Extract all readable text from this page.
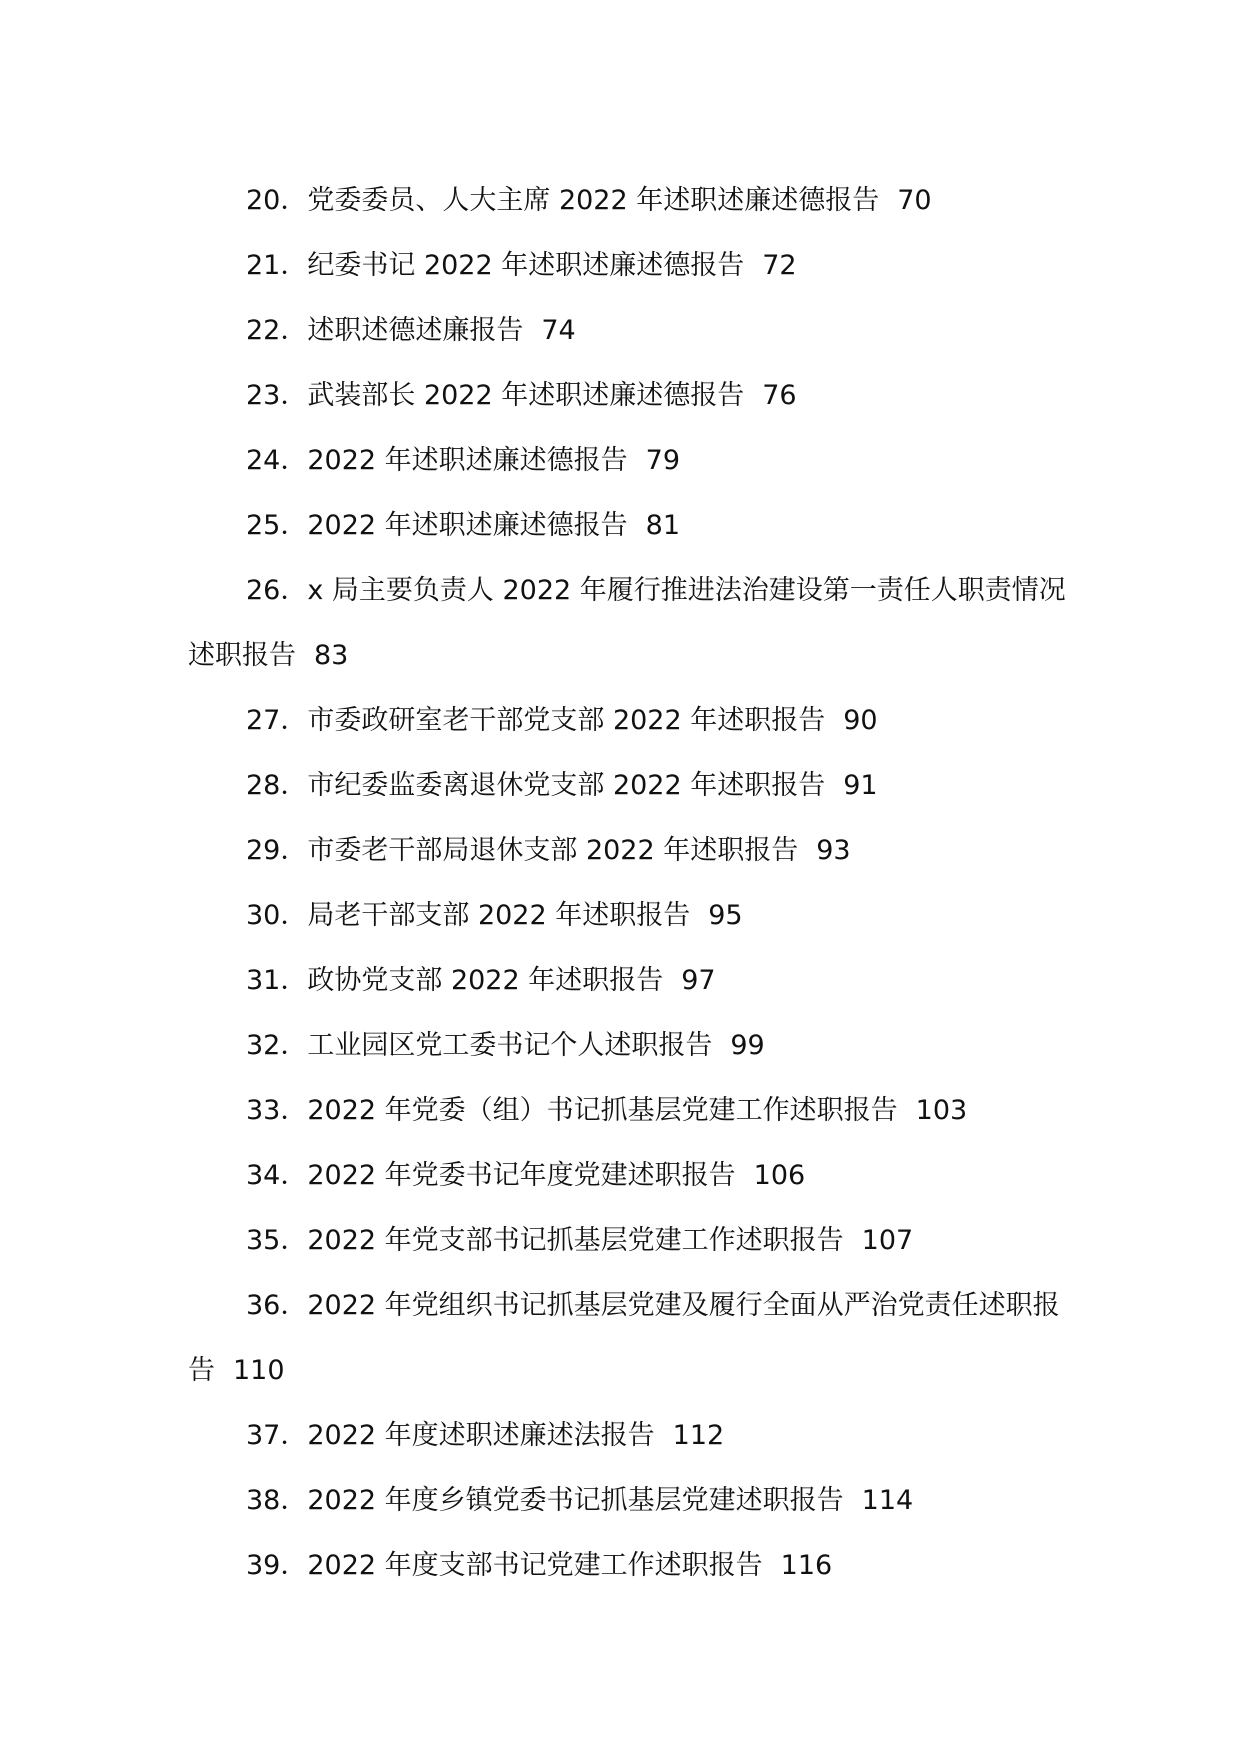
20．党委委员、人大主席 2022 年述职述廉述德报告 70
21．纪委书记 2022 年述职述廉述德报告 72
22．述职述德述廉报告 74
23．武装部长 2022 年述职述廉述德报告 76
24．2022 年述职述廉述德报告 79
25．2022 年述职述廉述德报告 81
26．x 局主要负责人 2022 年履行推进法治建设第一责任人职责情况述职报告 83
27．市委政研室老干部党支部 2022 年述职报告 90
28．市纪委监委离退休党支部 2022 年述职报告 91
29．市委老干部局退休支部 2022 年述职报告 93
30．局老干部支部 2022 年述职报告 95
31．政协党支部 2022 年述职报告 97
32．工业园区党工委书记个人述职报告 99
33．2022 年党委（组）书记抓基层党建工作述职报告 103
34．2022 年党委书记年度党建述职报告 106
35．2022 年党支部书记抓基层党建工作述职报告 107
36．2022 年党组织书记抓基层党建及履行全面从严治党责任述职报告 110
37．2022 年度述职述廉述法报告 112
38．2022 年度乡镇党委书记抓基层党建述职报告 114
39．2022 年度支部书记党建工作述职报告 116
